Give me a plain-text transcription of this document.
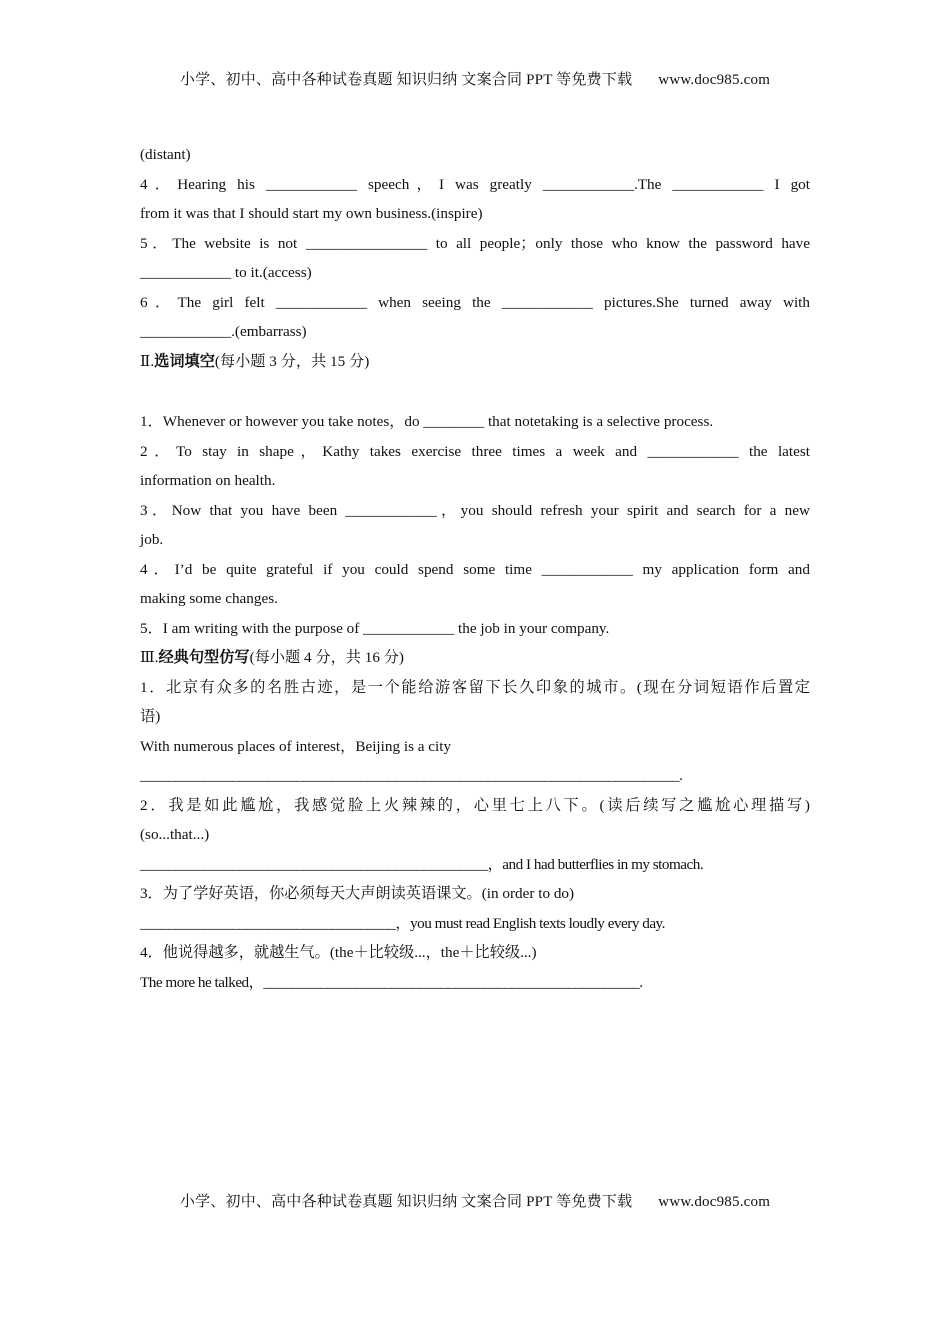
小学、初中、高中各种试卷真题 知识归纳 文案合同 PPT 等免费下载 www.doc985.com

(distant)

4．Hearing his ____________ speech，I was greatly ____________.The ____________ I got

from it was that I should start my own business.(inspire)

5．The website is not ________________ to all people；only those who know the password have

____________ to it.(access)

6．The girl felt ____________ when seeing the ____________ pictures.She turned away with

____________.(embarrass)

Ⅱ.选词填空(每小题 3 分，共 15 分)

1．Whenever or however you take notes，do ________ that notetaking is a selective process.

2．To stay in shape，Kathy takes exercise three times a week and ____________ the latest

information on health.

3．Now that you have been ____________，you should refresh your spirit and search for a new

job.

4．I’d be quite grateful if you could spend some time ____________ my application form and

making some changes.

5．I am writing with the purpose of ____________ the job in your company.

Ⅲ.经典句型仿写(每小题 4 分，共 16 分)

1．北京有众多的名胜古迹，是一个能给游客留下长久印象的城市。(现在分词短语作后置定

语)

With numerous places of interest，Beijing is a city

____________________________________________________________________________.

2．我是如此尴尬，我感觉脸上火辣辣的，心里七上八下。(读后续写之尴尬心理描写)

(so...that...)

_________________________________________________，and I had butterflies in my stomach.

3．为了学好英语，你必须每天大声朗读英语课文。(in order to do)

____________________________________，you must read English texts loudly every day.

4．他说得越多，就越生气。(the＋比较级...，the＋比较级...)

The more he talked，_____________________________________________________.

小学、初中、高中各种试卷真题 知识归纳 文案合同 PPT 等免费下载 www.doc985.com
